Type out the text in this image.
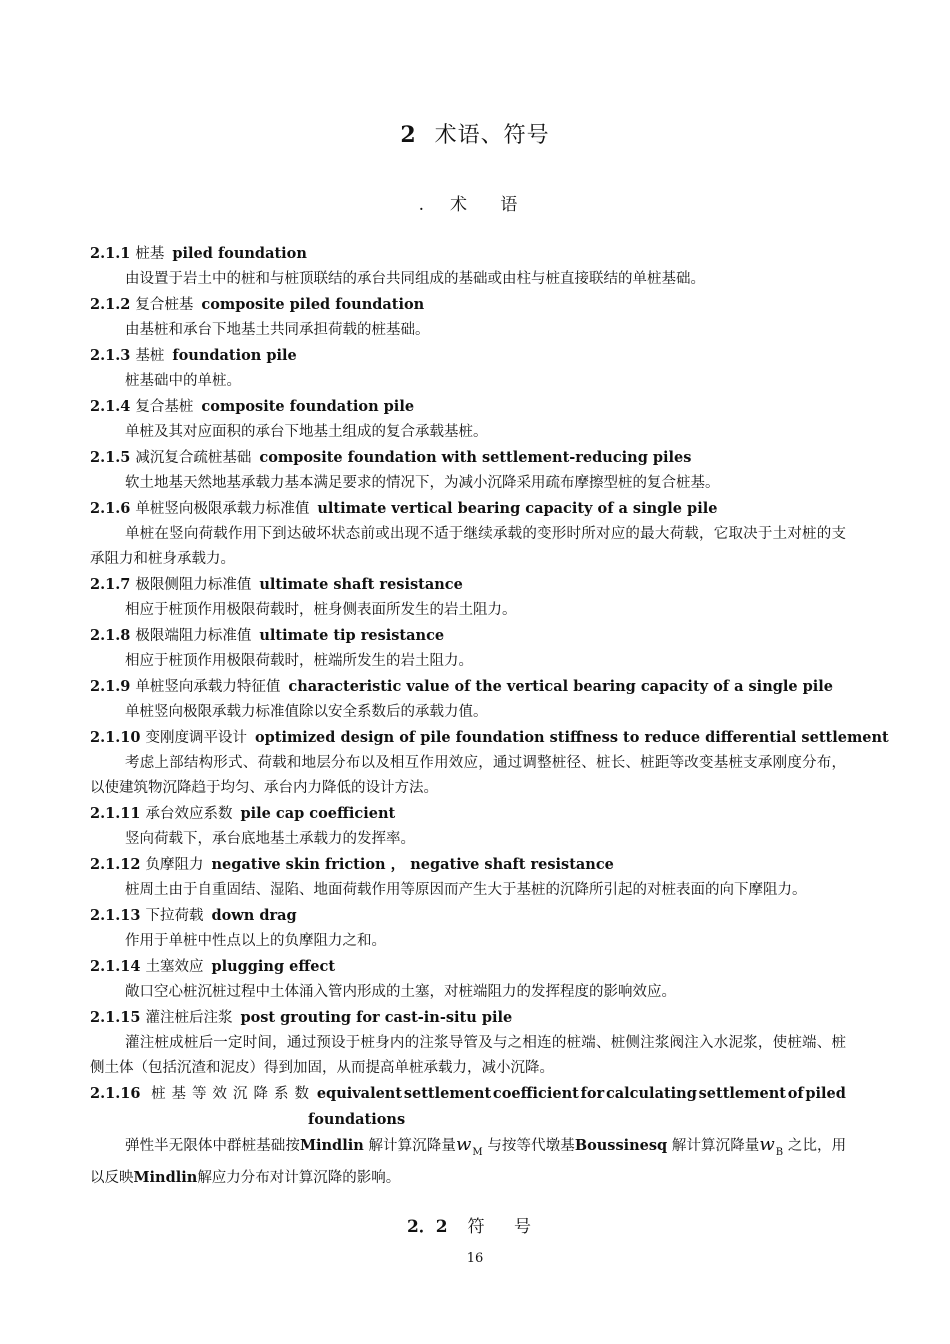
2 术语、符号
. 术 语
2.1.1 桩基 piled foundation
由设置于岩土中的桩和与桩顶联结的承台共同组成的基础或由柱与桩直接联结的单桩基础。
2.1.2 复合桩基 composite piled foundation
由基桩和承台下地基土共同承担荷载的桩基础。
2.1.3 基桩 foundation pile
桩基础中的单桩。
2.1.4 复合基桩 composite foundation pile
单桩及其对应面积的承台下地基土组成的复合承载基桩。
2.1.5 减沉复合疏桩基础 composite foundation with settlement-reducing piles
软土地基天然地基承载力基本满足要求的情况下，为减小沉降采用疏布摩擦型桩的复合桩基。
2.1.6 单桩竖向极限承载力标准值 ultimate vertical bearing capacity of a single pile
单桩在竖向荷载作用下到达破坏状态前或出现不适于继续承载的变形时所对应的最大荷载，它取决于土对桩的支承阻力和桩身承载力。
2.1.7 极限侧阻力标准值 ultimate shaft resistance
相应于桩顶作用极限荷载时，桩身侧表面所发生的岩土阻力。
2.1.8 极限端阻力标准值 ultimate tip resistance
相应于桩顶作用极限荷载时，桩端所发生的岩土阻力。
2.1.9 单桩竖向承载力特征值 characteristic value of the vertical bearing capacity of a single pile
单桩竖向极限承载力标准值除以安全系数后的承载力值。
2.1.10 变刚度调平设计 optimized design of pile foundation stiffness to reduce differential settlement
考虑上部结构形式、荷载和地层分布以及相互作用效应，通过调整桩径、桩长、桩距等改变基桩支承刚度分布，以使建筑物沉降趋于均匀、承台内力降低的设计方法。
2.1.11 承台效应系数 pile cap coefficient
竖向荷载下，承台底地基土承载力的发挥率。
2.1.12 负摩阻力 negative skin friction ， negative shaft resistance
桩周土由于自重固结、湿陷、地面荷载作用等原因而产生大于基桩的沉降所引起的对桩表面的向下摩阻力。
2.1.13 下拉荷载 down drag
作用于单桩中性点以上的负摩阻力之和。
2.1.14 土塞效应 plugging effect
敞口空心桩沉桩过程中土体涌入管内形成的土塞，对桩端阻力的发挥程度的影响效应。
2.1.15 灌注桩后注浆 post grouting for cast-in-situ pile
灌注桩成桩后一定时间，通过预设于桩身内的注浆导管及与之相连的桩端、桩侧注浆阀注入水泥浆，使桩端、桩侧土体（包括沉渣和泥皮）得到加固，从而提高单桩承载力，减小沉降。
2.1.16 桩基等效沉降系数 equivalent settlement coefficient for calculating settlement of piled
foundations
弹性半无限体中群桩基础按Mindlin 解计算沉降量$w_M$ 与按等代墩基Boussinesq 解计算沉降量$w_B$ 之比，用以反映Mindlin解应力分布对计算沉降的影响。
2．2 符 号
16
